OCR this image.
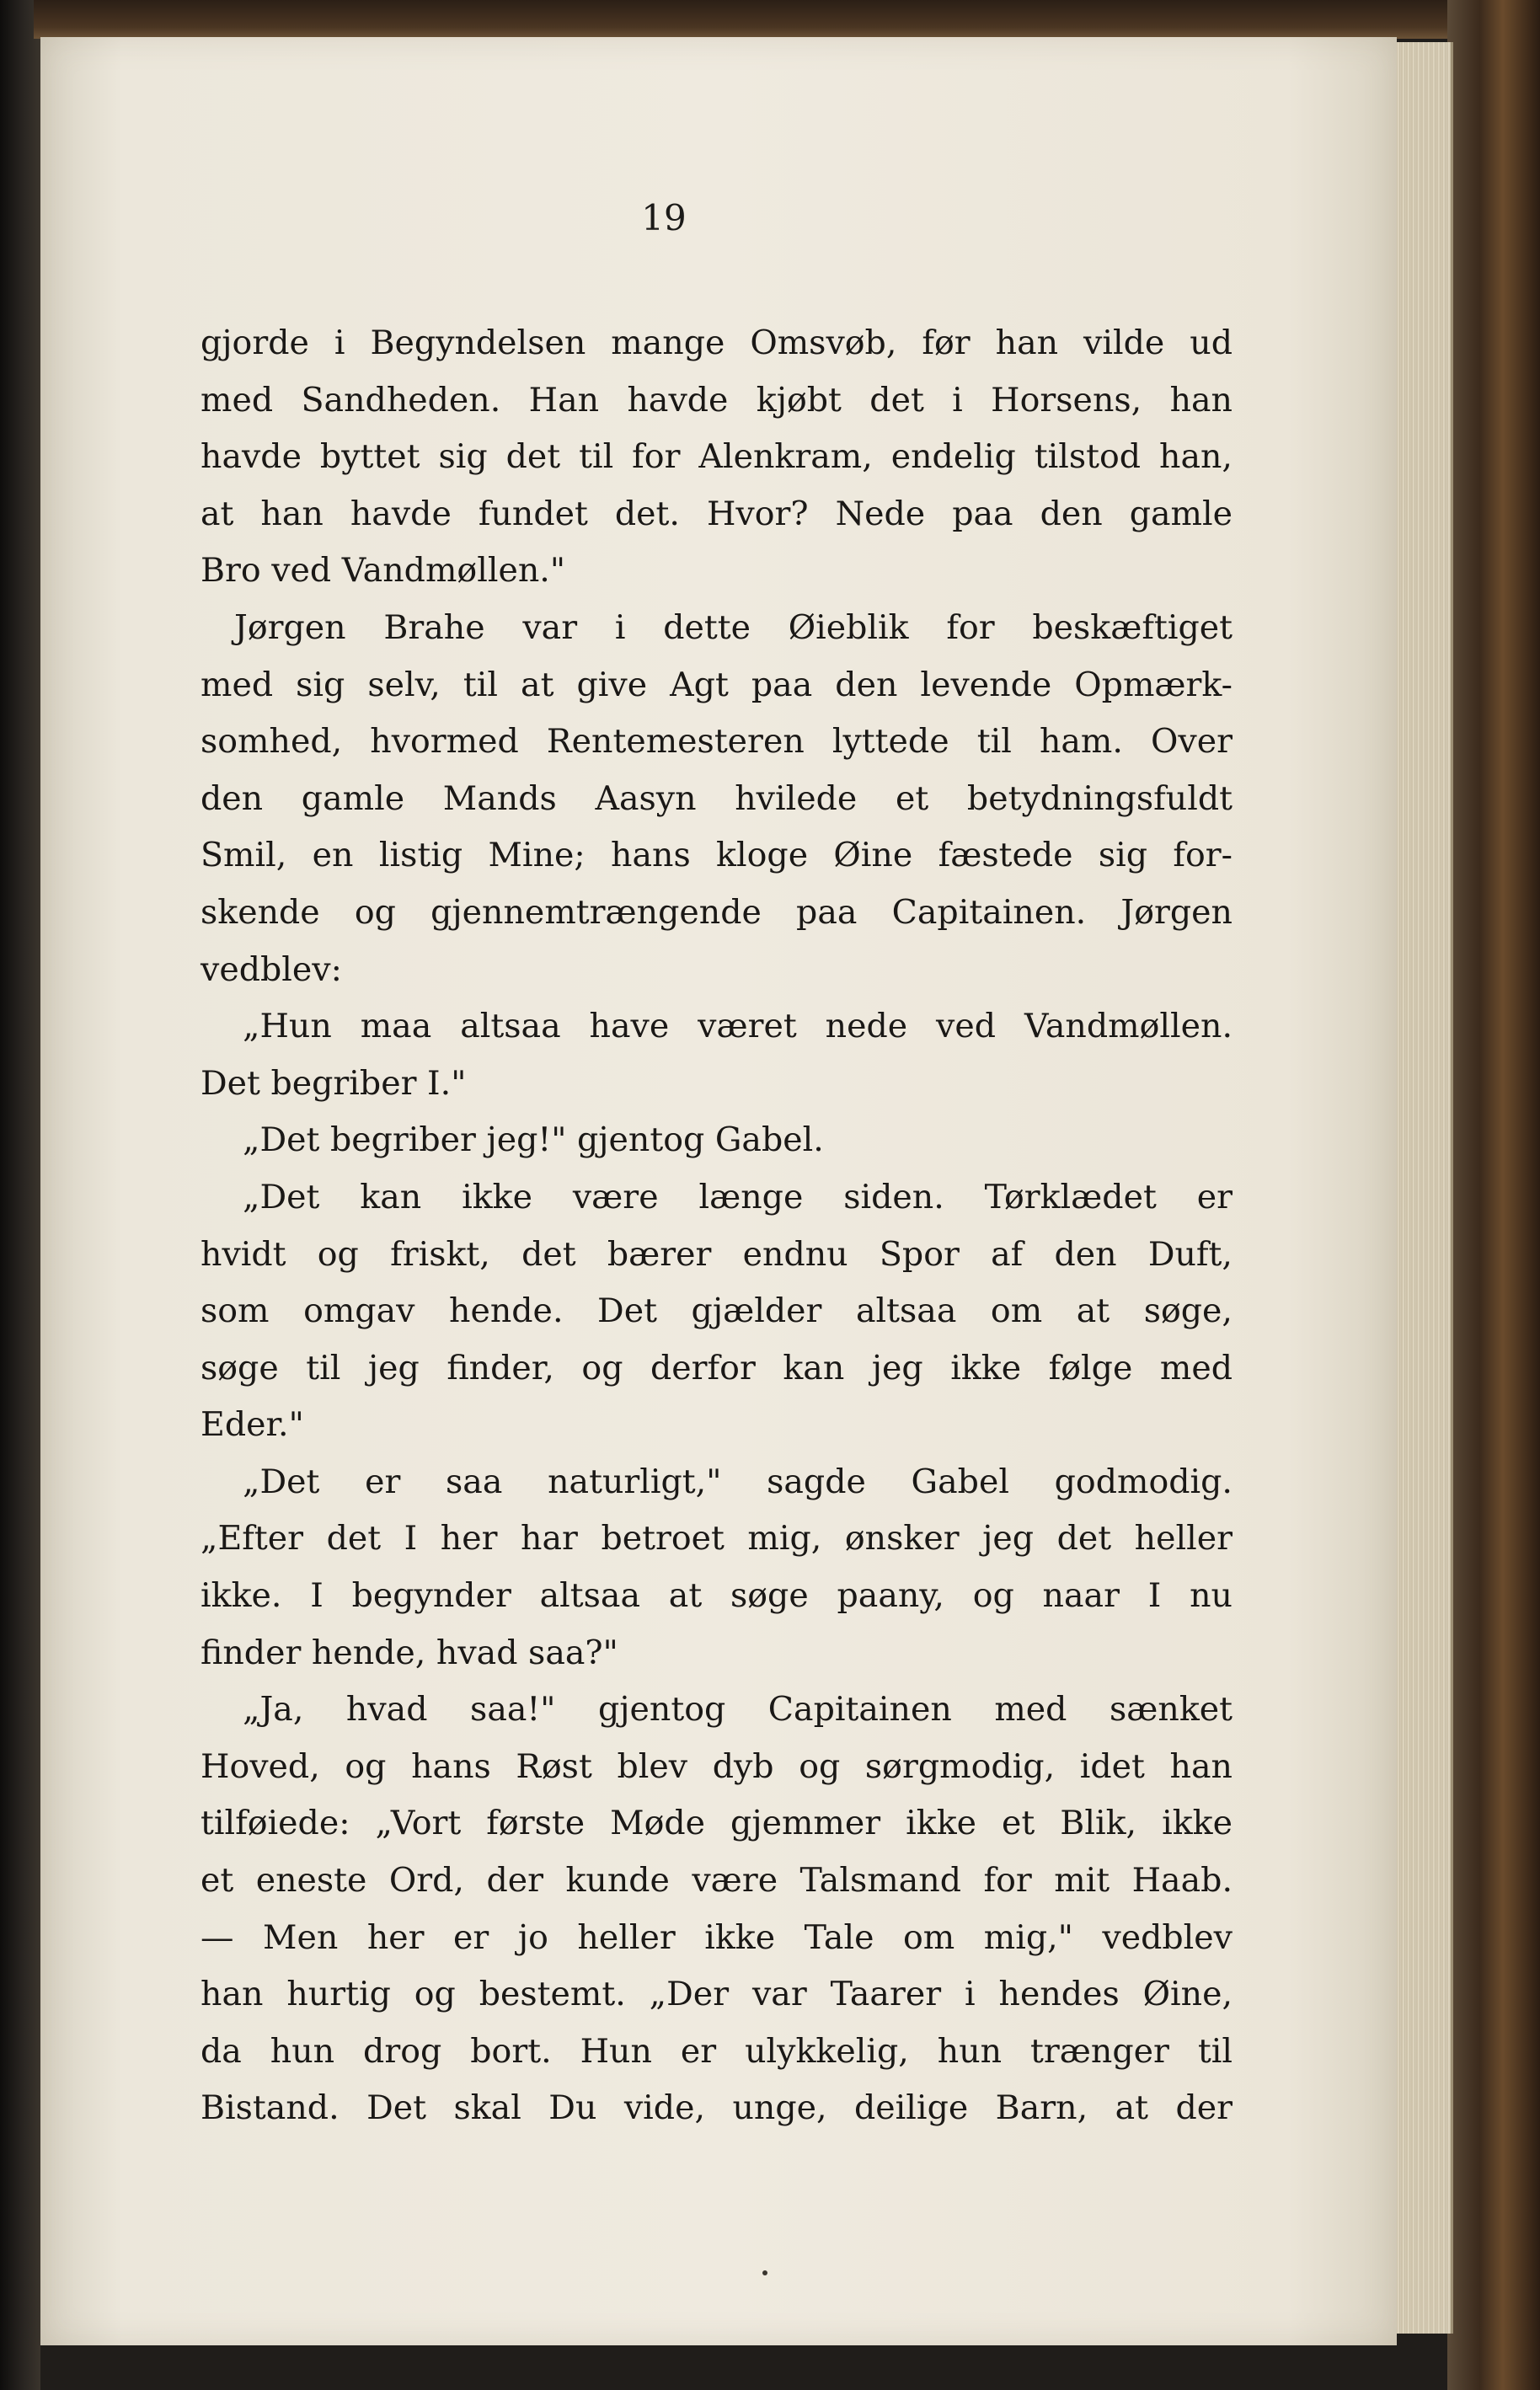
19
gjorde i Begyndelsen mange Omsvøb, før han vilde ud
med Sandheden. Han havde kjøbt det i Horsens, han
havde byttet sig det til for Alenkram, endelig tilstod han,
at han havde fundet det. Hvor? Nede paa den gamle
Bro ved Vandmøllen."
Jørgen Brahe var i dette Øieblik for beskæftiget
med sig selv, til at give Agt paa den levende Opmærk-
somhed, hvormed Rentemesteren lyttede til ham. Over
den gamle Mands Aasyn hvilede et betydningsfuldt
Smil, en listig Mine; hans kloge Øine fæstede sig for-
skende og gjennemtrængende paa Capitainen. Jørgen
vedblev:
„Hun maa altsaa have været nede ved Vandmøllen.
Det begriber I."
„Det begriber jeg!" gjentog Gabel.
„Det kan ikke være længe siden. Tørklædet er
hvidt og friskt, det bærer endnu Spor af den Duft,
som omgav hende. Det gjælder altsaa om at søge,
søge til jeg finder, og derfor kan jeg ikke følge med
Eder."
„Det er saa naturligt," sagde Gabel godmodig.
„Efter det I her har betroet mig, ønsker jeg det heller
ikke. I begynder altsaa at søge paany, og naar I nu
finder hende, hvad saa?"
„Ja, hvad saa!" gjentog Capitainen med sænket
Hoved, og hans Røst blev dyb og sørgmodig, idet han
tilføiede: „Vort første Møde gjemmer ikke et Blik, ikke
et eneste Ord, der kunde være Talsmand for mit Haab.
— Men her er jo heller ikke Tale om mig," vedblev
han hurtig og bestemt. „Der var Taarer i hendes Øine,
da hun drog bort. Hun er ulykkelig, hun trænger til
Bistand. Det skal Du vide, unge, deilige Barn, at der
